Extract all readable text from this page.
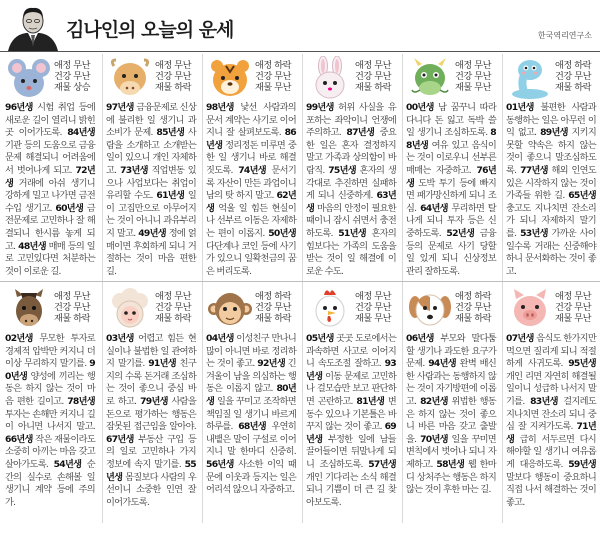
김나인의 오늘의 운세	한국역리연구소
애정 무난
건강 무난
재물 상승
96년생 시험 취업 등에 새로운 길이 열리니 밝힌 곳 이어가도록. 84년생 기관 등의 도움으로 금융문제 해결되니 어려움에서 벗어나게 되고. 72년생 거래에 아쉬 생기니 강하게 밀고 나가면 금전수입 생기고. 60년생 금전문제로 고민하나 잘 해결되니 한시름 놓게 되고. 48년생 매매 등의 일로 고민있다면 처분하는 것이 이로운 길.
애정 무난
건강 무난
재물 하락
97년생 금융문제로 신상에 불리한 일 생기니 과소비가 문제. 85년생 사람을 소개하고 소개받는 일이 있으니 개인 자체하고. 73년생 직업변동 있으나 사업보다는 취업이 유리할 수도. 61년생 일이 고집만으로 아무어지는 것이 아니니 과유부리지 말고. 49년생 정에 얽매이면 후회하게 되니 거절하는 것이 마음 편한 길.
애정 하락
건강 무난
재물 무난
98년생 낯선 사람과의 문서 계약는 사기로 이어지니 잘 살펴보도록. 86년생 정리정돈 미루면 중한 일 생기니 바로 해결 짓도록. 74년생 문서기록 자산이 만든 과업이니 남의 탓 하지 말고. 62년생 억울 일 힘든 현실이나 선부르 이동은 자제하는 편이 이롭지. 50년생 다단계나 코인 등에 사기가 있으니 일확천금의 꿈은 버리도록.
애정 무난
건강 무난
재물 하락
99년생 허위 사실을 유포하는 좌악이니 언쟁에 주의하고. 87년생 중요한 일은 혼자 결정하지 말고 가족과 상의함이 바람직. 75년생 혼자의 생각대로 추진하면 실패하게 되니 신중하게. 63년생 마음의 안정이 필요한 때이니 잠시 쉬면서 충전하도록. 51년생 혼자의 힘보다는 가족의 도움을 받는 것이 일 해결에 이로운 수도.
애정 무난
건강 무난
재물 무난
00년생 남 꿈꾸니 따라다니다 돈 잃고 독박 쓸 일 생기니 조심하도록. 88년생 여유 있고 음식이는 것이 이로우니 선부른 매매는 자중하고. 76년생 도박 투기 등에 빠지면 패가망신하게 되니 조심. 64년생 무리하면 탈나게 되니 투자 등은 신중하도록. 52년생 금융 등의 문제로 사기 당할 일 있게 되니 신상정보 관리 잘하도록.
애정 하락
건강 무난
재물 하락
01년생 불편한 사람과 동행하는 일은 아무런 이익 없고. 89년생 지키지 못할 약속은 하지 않는 것이 좋으니 말조심하도록. 77년생 해외 인연도 있은 시작하지 않는 것이 가족들 위한 길. 65년생 충고도 지나치면 잔소리가 되니 자제하지 말기를. 53년생 가까운 사이일수록 거래는 신중해야 하니 문서화하는 것이 좋고.
애정 무난
건강 무난
재물 하락
02년생 무모한 투자로 경제적 압박만 커지니 더 이상 무리하지 말기를. 90년생 양성에 끼리는 행동은 하지 않는 것이 마음 편한 길이고. 78년생 투자는 손해만 커지니 길이 아니면 나서지 말고. 66년생 작은 재물이라도 소중히 아끼는 마음 갖고 살아가도록. 54년생 순간의 실수로 손해볼 일 생기니 계약 등에 주의가.
애정 무난
건강 무난
재물 하락
03년생 어렵고 힘든 현실이나 불법한 일 관여하지 말기를. 91년생 친구지의 수록 돈거래 조심하는 것이 좋으니 중심 바로 하고. 79년생 사람을 돈으로 평가하는 행동은 잠못된 접근임을 알아야. 67년생 부동산 구입 등의 일로 고민하나 가지 정보에 속지 말기를. 55년생 몸질보다 사람의 우선이니 소중한 인연 잘 이어가도록.
애정 하락
건강 무난
재물 하락
04년생 이성친구 만나니 많이 아니면 바로 정리하는 것이 좋고. 92년생 긴 겨울이 남을 의심하는 행동은 이롭지 않고. 80년생 일을 꾸미고 조작하면 책임질 일 생기니 바르게 하루를. 68년생 우연히 내뱉은 말이 구설로 이어지니 말 한마디 신중히. 56년생 사소한 이익 때문에 이웃과 등지는 일은 어리석 않으니 자중하고.
애정 무난
건강 무난
재물 무난
05년생 곳곳 도로에서는 과속하면 사고로 이어지니 속도조절 잘하고. 93년생 이동 문제로 고민하나 걸모습만 보고 판단하면 곤란하고. 81년생 변동수 있으나 기본틀은 바꾸지 않는 것이 좋고. 69년생 부정한 일에 남들 끌어들이면 뒤말나게 되니 조심하도록. 57년생 개인 기다리는 소식 해결되니 기쁨이 더 큰 길 찾아보도록.
애정 하락
건강 무난
재물 하락
06년생 부모와 말다툼 할 생기나 과도한 요구가 문제. 94년생 완벽 배신한 사람과는 동행하지 않는 것이 자기방편에 이롭고. 82년생 위법한 행동은 하지 않는 것이 좋으니 바른 마음 갖고 출발을. 70년생 일을 꾸미면 변칙에서 벗어나 되니 자제하고. 58년생 웹 한마디 상처주는 행동은 하지 않는 것이 후한 마는 길.
애정 무난
건강 무난
재물 무난
07년생 음식도 한가지만 먹으면 질리게 되니 적절하게 사귀도록. 95년생 개인 리면 자연히 해결될 일이니 성급하 나서지 말기를. 83년생 걸지레도 지나치면 잔소리 되니 중심 잘 지켜가도록. 71년생 급히 서두르면 다시 해야할 일 생기니 여유롭게 대응하도록. 59년생 말보다 행동이 중요하니 직접 나서 해결하는 것이 좋고.
